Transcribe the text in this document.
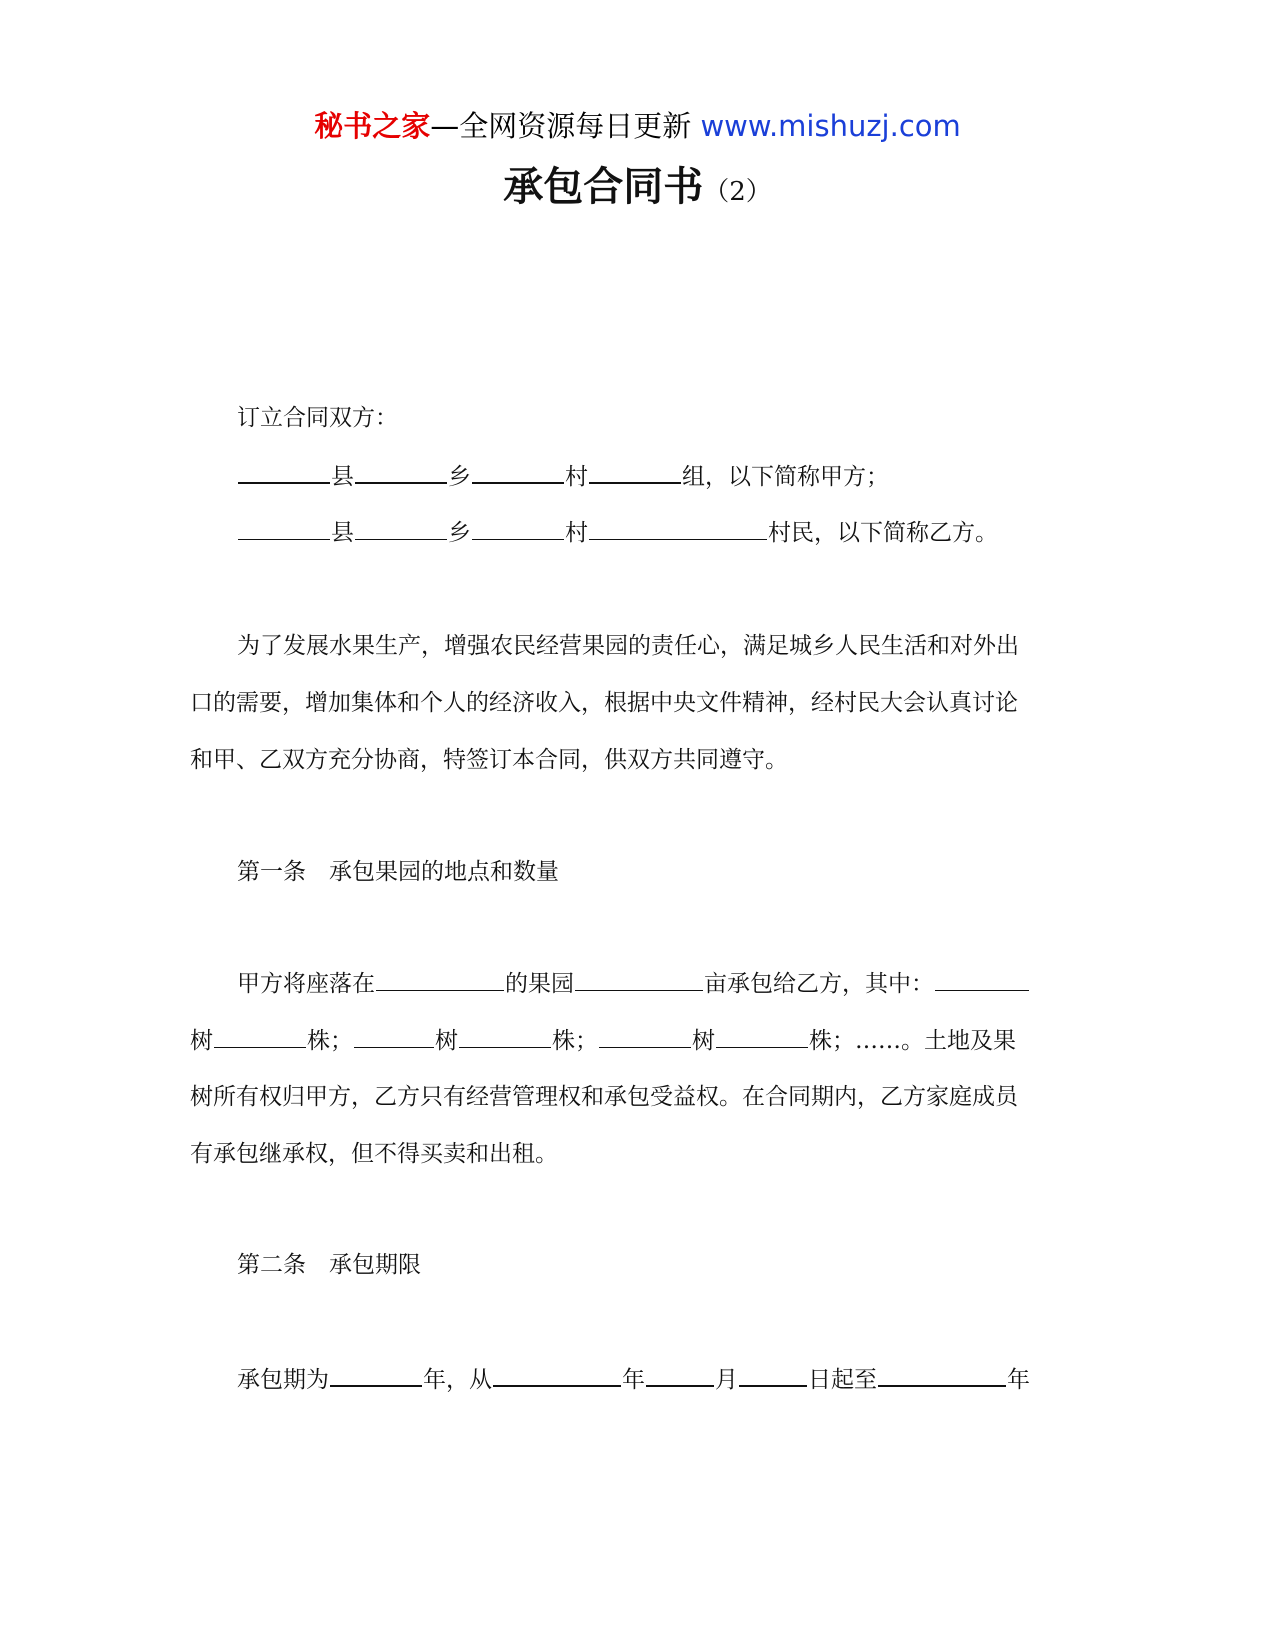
秘书之家—全网资源每日更新 www.mishuzj.com
承包合同书（2）
订立合同双方：
县	乡	村	组，以下简称甲方；
县	乡	村	村民，以下简称乙方。
为了发展水果生产，增强农民经营果园的责任心，满足城乡人民生活和对外出
口的需要，增加集体和个人的经济收入，根据中央文件精神，经村民大会认真讨论
和甲、乙双方充分协商，特签订本合同，供双方共同遵守。
第一条　承包果园的地点和数量
甲方将座落在	的果园	亩承包给乙方，其中：
树	株；	树	株；	树	株；……。土地及果
树所有权归甲方，乙方只有经营管理权和承包受益权。在合同期内，乙方家庭成员
有承包继承权，但不得买卖和出租。
第二条　承包期限
承包期为	年，从	年	月	日起至	年
